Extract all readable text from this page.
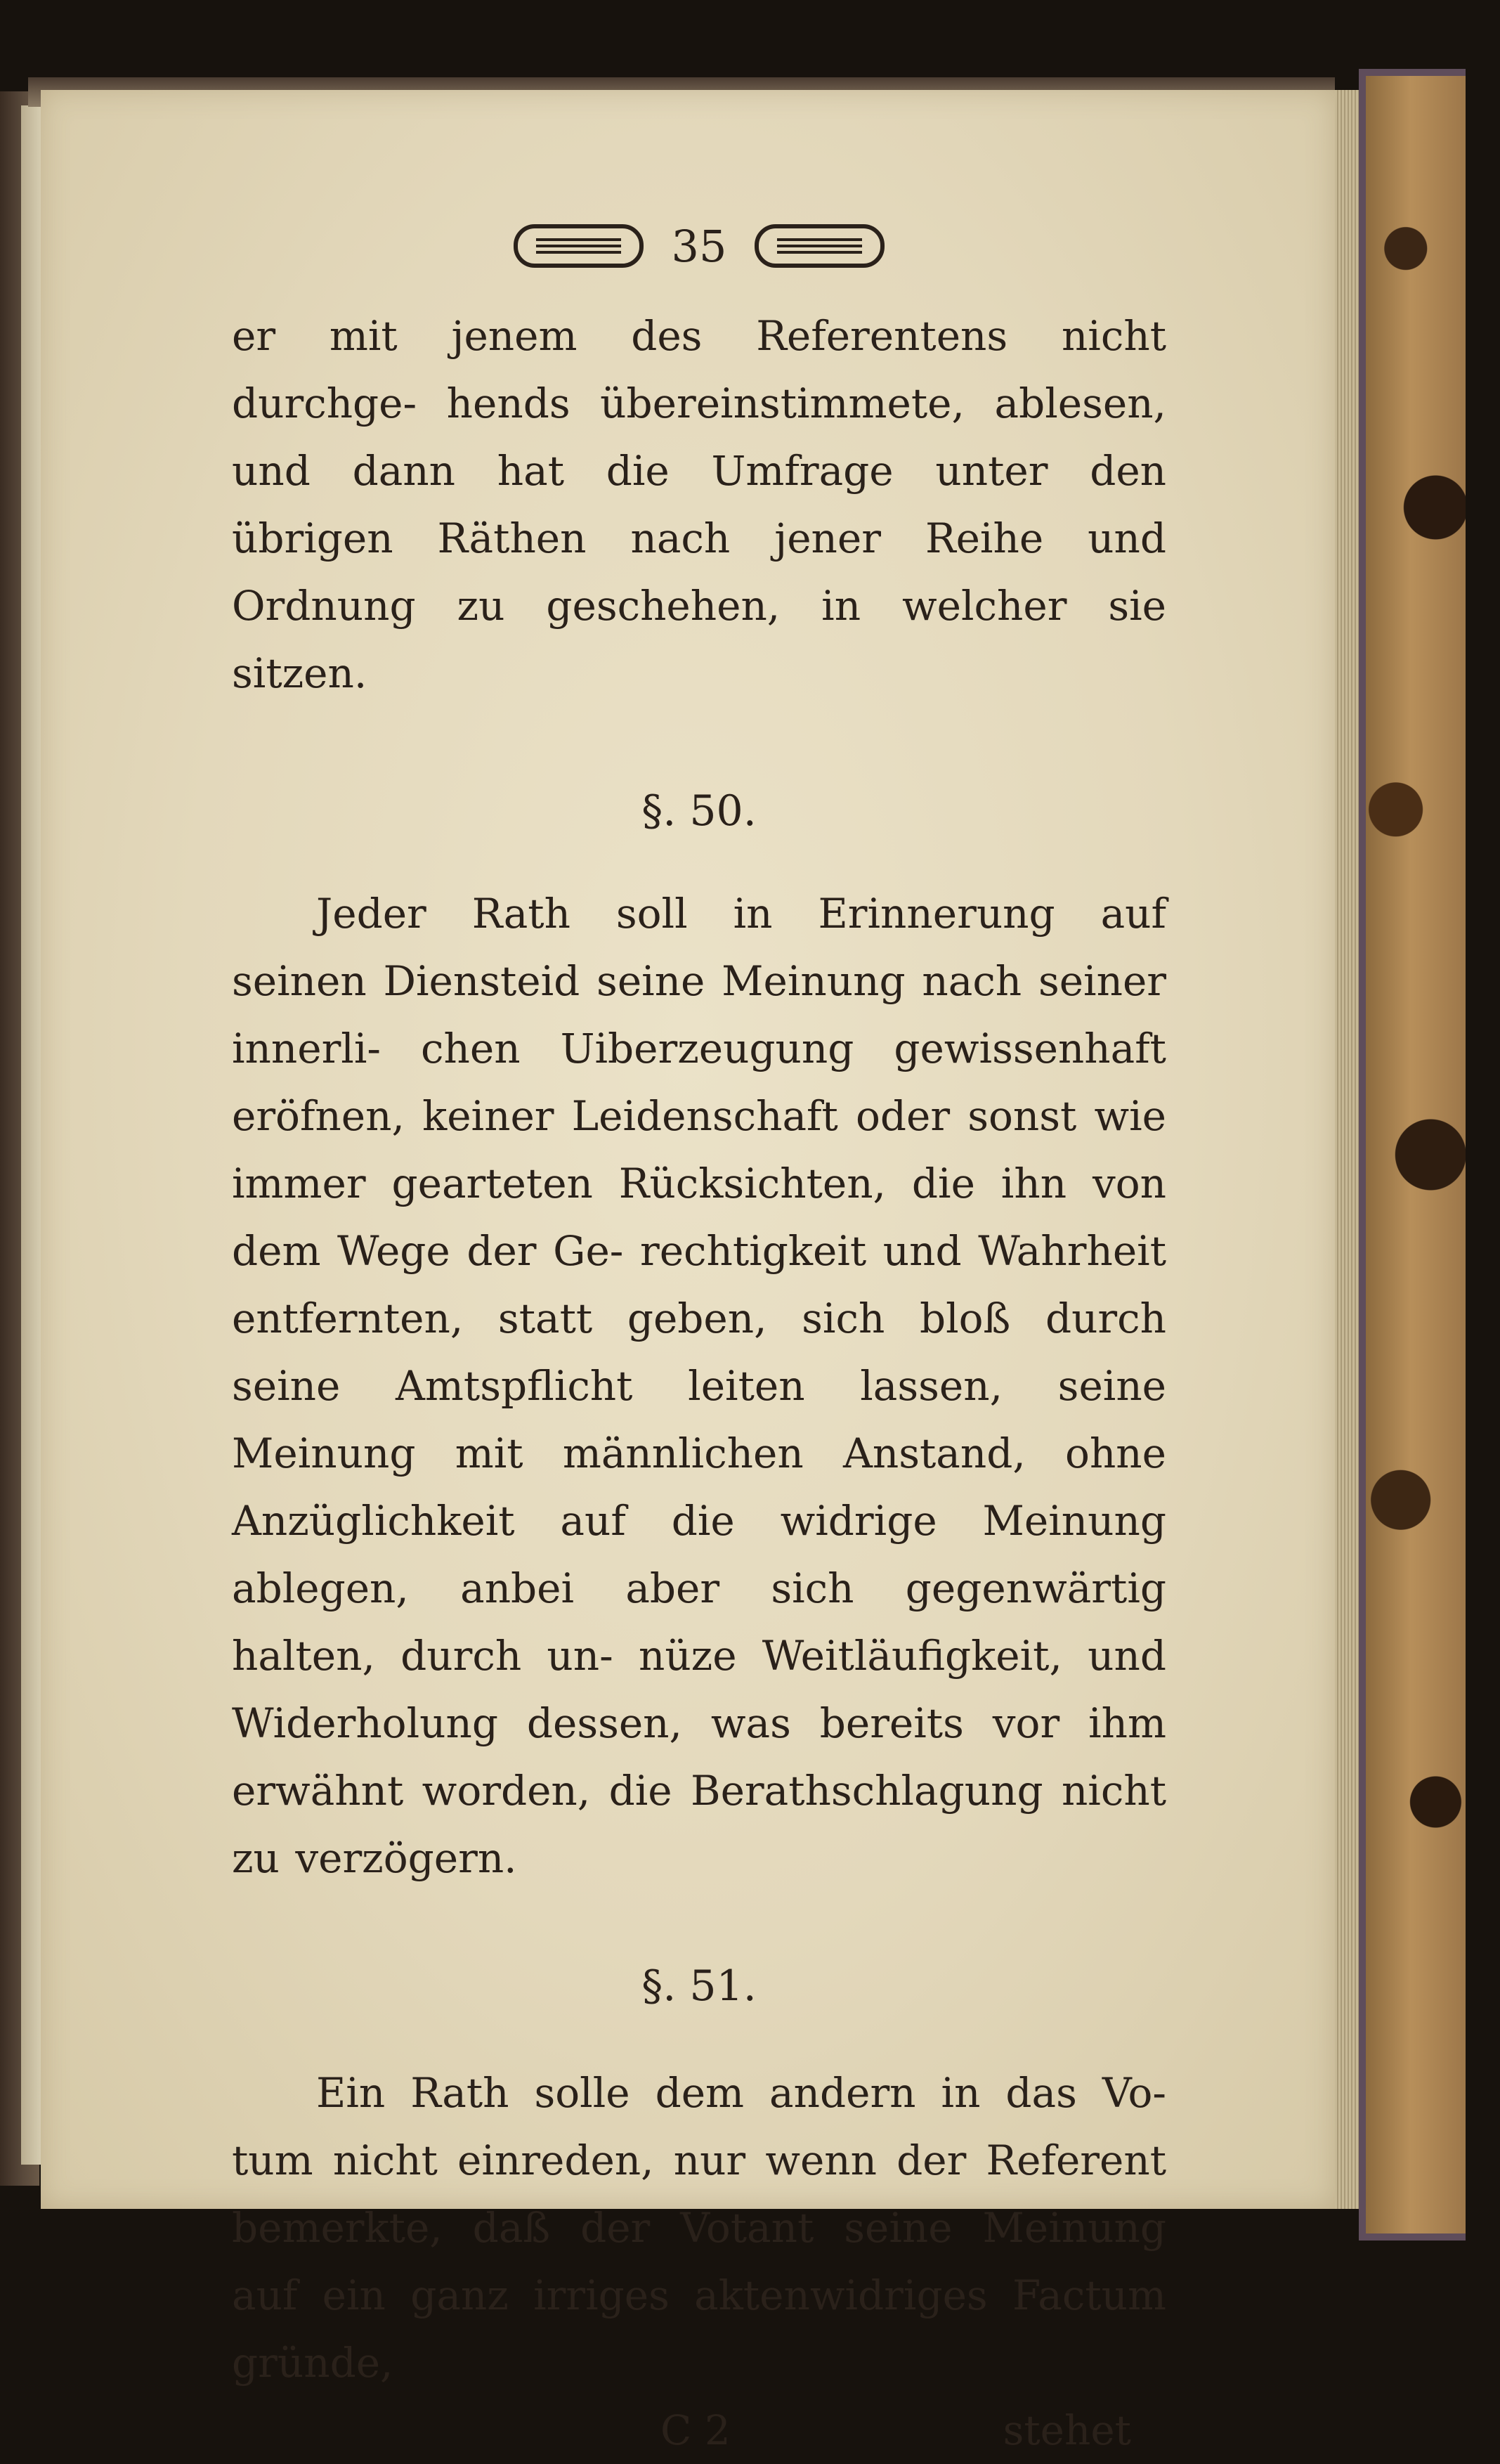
35

er mit jenem des Referentens nicht durchge- hends übereinstimmete, ablesen, und dann hat die Umfrage unter den übrigen Räthen nach jener Reihe und Ordnung zu geschehen, in welcher sie sitzen.

§. 50.

Jeder Rath soll in Erinnerung auf seinen Diensteid seine Meinung nach seiner innerli- chen Uiberzeugung gewissenhaft eröfnen, keiner Leidenschaft oder sonst wie immer gearteten Rücksichten, die ihn von dem Wege der Ge- rechtigkeit und Wahrheit entfernten, statt geben, sich bloß durch seine Amtspflicht leiten lassen, seine Meinung mit männlichen Anstand, ohne Anzüglichkeit auf die widrige Meinung ablegen, anbei aber sich gegenwärtig halten, durch un- nüze Weitläufigkeit, und Widerholung dessen, was bereits vor ihm erwähnt worden, die Berathschlagung nicht zu verzögern.

§. 51.

Ein Rath solle dem andern in das Vo- tum nicht einreden, nur wenn der Referent bemerkte, daß der Votant seine Meinung auf ein ganz irriges aktenwidriges Factum gründe,

C 2	stehet
